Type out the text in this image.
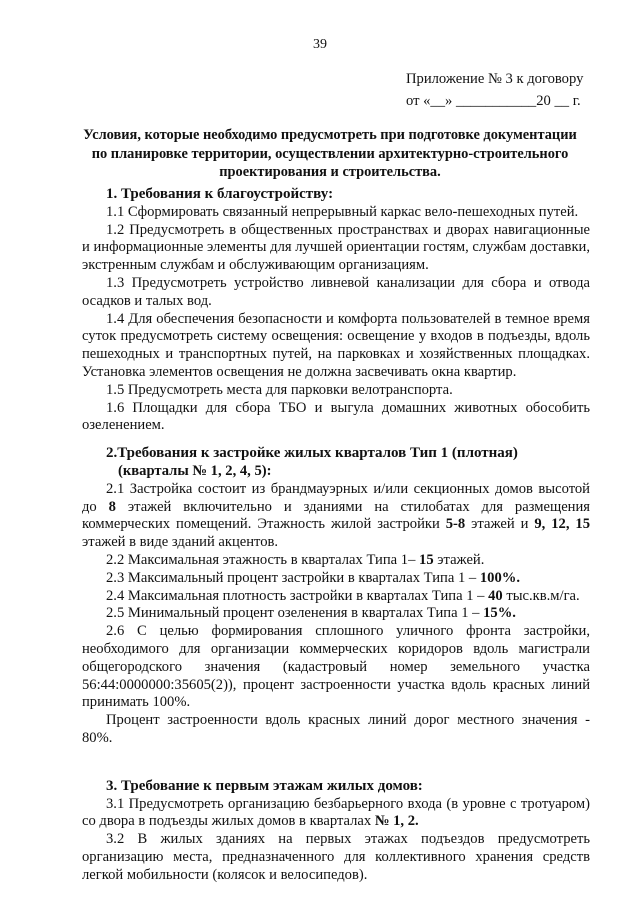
39
Приложение № 3 к договору
от «__» ___________20 __ г.
Условия, которые необходимо предусмотреть при подготовке документации по планировке территории, осуществлении архитектурно-строительного проектирования и строительства.
1. Требования к благоустройству:

1.1 Сформировать связанный непрерывный каркас вело-пешеходных путей.

1.2 Предусмотреть в общественных пространствах и дворах навигационные и информационные элементы для лучшей ориентации гостям, службам доставки, экстренным службам и обслуживающим организациям.

1.3 Предусмотреть устройство ливневой канализации для сбора и отвода осадков и талых вод.

1.4 Для обеспечения безопасности и комфорта пользователей в темное время суток предусмотреть систему освещения: освещение у входов в подъезды, вдоль пешеходных и транспортных путей, на парковках и хозяйственных площадках. Установка элементов освещения не должна засвечивать окна квартир.

1.5 Предусмотреть места для парковки велотранспорта.

1.6 Площадки для сбора ТБО и выгула домашних животных обособить озеленением.

2.Требования к застройке жилых кварталов Тип 1 (плотная)
(кварталы № 1, 2, 4, 5):

2.1 Застройка состоит из брандмауэрных и/или секционных домов высотой до 8 этажей включительно и зданиями на стилобатах для размещения коммерческих помещений. Этажность жилой застройки 5-8 этажей и 9, 12, 15 этажей в виде зданий акцентов.

2.2 Максимальная этажность в кварталах Типа 1– 15 этажей.

2.3 Максимальный процент застройки в кварталах Типа 1 – 100%.

2.4 Максимальная плотность застройки в кварталах Типа 1 – 40 тыс.кв.м/га.

2.5 Минимальный процент озеленения в кварталах Типа 1 – 15%.

2.6 С целью формирования сплошного уличного фронта застройки, необходимого для организации коммерческих коридоров вдоль магистрали общегородского значения (кадастровый номер земельного участка 56:44:0000000:35605(2)), процент застроенности участка вдоль красных линий принимать 100%.

Процент застроенности вдоль красных линий дорог местного значения - 80%.

3. Требование к первым этажам жилых домов:

3.1 Предусмотреть организацию безбарьерного входа (в уровне с тротуаром) со двора в подъезды жилых домов в кварталах № 1, 2.

3.2 В жилых зданиях на первых этажах подъездов предусмотреть организацию места, предназначенного для коллективного хранения средств легкой мобильности (колясок и велосипедов).
